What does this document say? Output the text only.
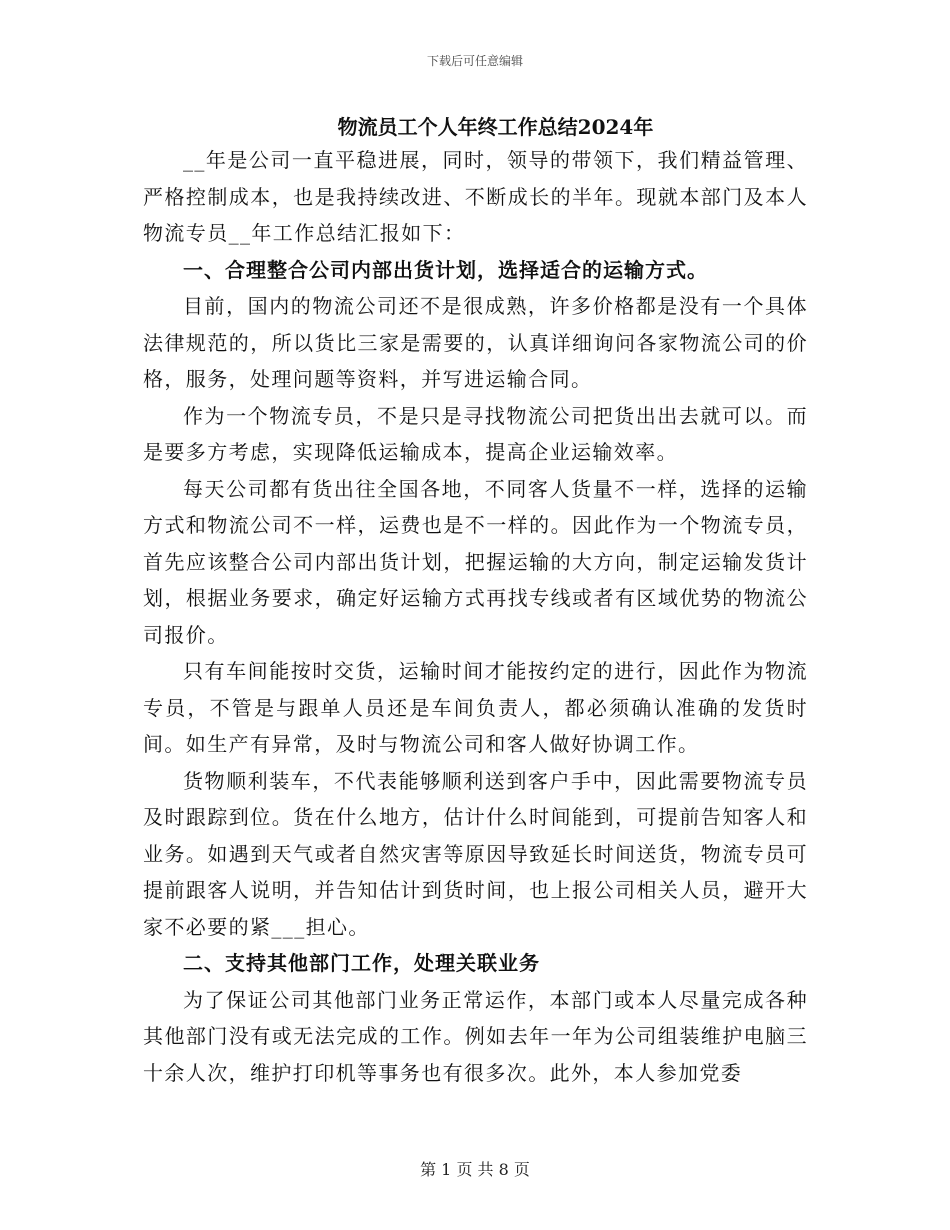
下载后可任意编辑
物流员工个人年终工作总结2024年

__年是公司一直平稳进展，同时，领导的带领下，我们精益管理、严格控制成本，也是我持续改进、不断成长的半年。现就本部门及本人物流专员__年工作总结汇报如下：

一、合理整合公司内部出货计划，选择适合的运输方式。

目前，国内的物流公司还不是很成熟，许多价格都是没有一个具体法律规范的，所以货比三家是需要的，认真详细询问各家物流公司的价格，服务，处理问题等资料，并写进运输合同。

作为一个物流专员，不是只是寻找物流公司把货出出去就可以。而是要多方考虑，实现降低运输成本，提高企业运输效率。

每天公司都有货出往全国各地，不同客人货量不一样，选择的运输方式和物流公司不一样，运费也是不一样的。因此作为一个物流专员，首先应该整合公司内部出货计划，把握运输的大方向，制定运输发货计划，根据业务要求，确定好运输方式再找专线或者有区域优势的物流公司报价。

只有车间能按时交货，运输时间才能按约定的进行，因此作为物流专员，不管是与跟单人员还是车间负责人，都必须确认准确的发货时间。如生产有异常，及时与物流公司和客人做好协调工作。

货物顺利装车，不代表能够顺利送到客户手中，因此需要物流专员及时跟踪到位。货在什么地方，估计什么时间能到，可提前告知客人和业务。如遇到天气或者自然灾害等原因导致延长时间送货，物流专员可提前跟客人说明，并告知估计到货时间，也上报公司相关人员，避开大家不必要的紧___担心。

二、支持其他部门工作，处理关联业务

为了保证公司其他部门业务正常运作，本部门或本人尽量完成各种其他部门没有或无法完成的工作。例如去年一年为公司组装维护电脑三十余人次，维护打印机等事务也有很多次。此外，本人参加党委

第 1 页 共 8 页
